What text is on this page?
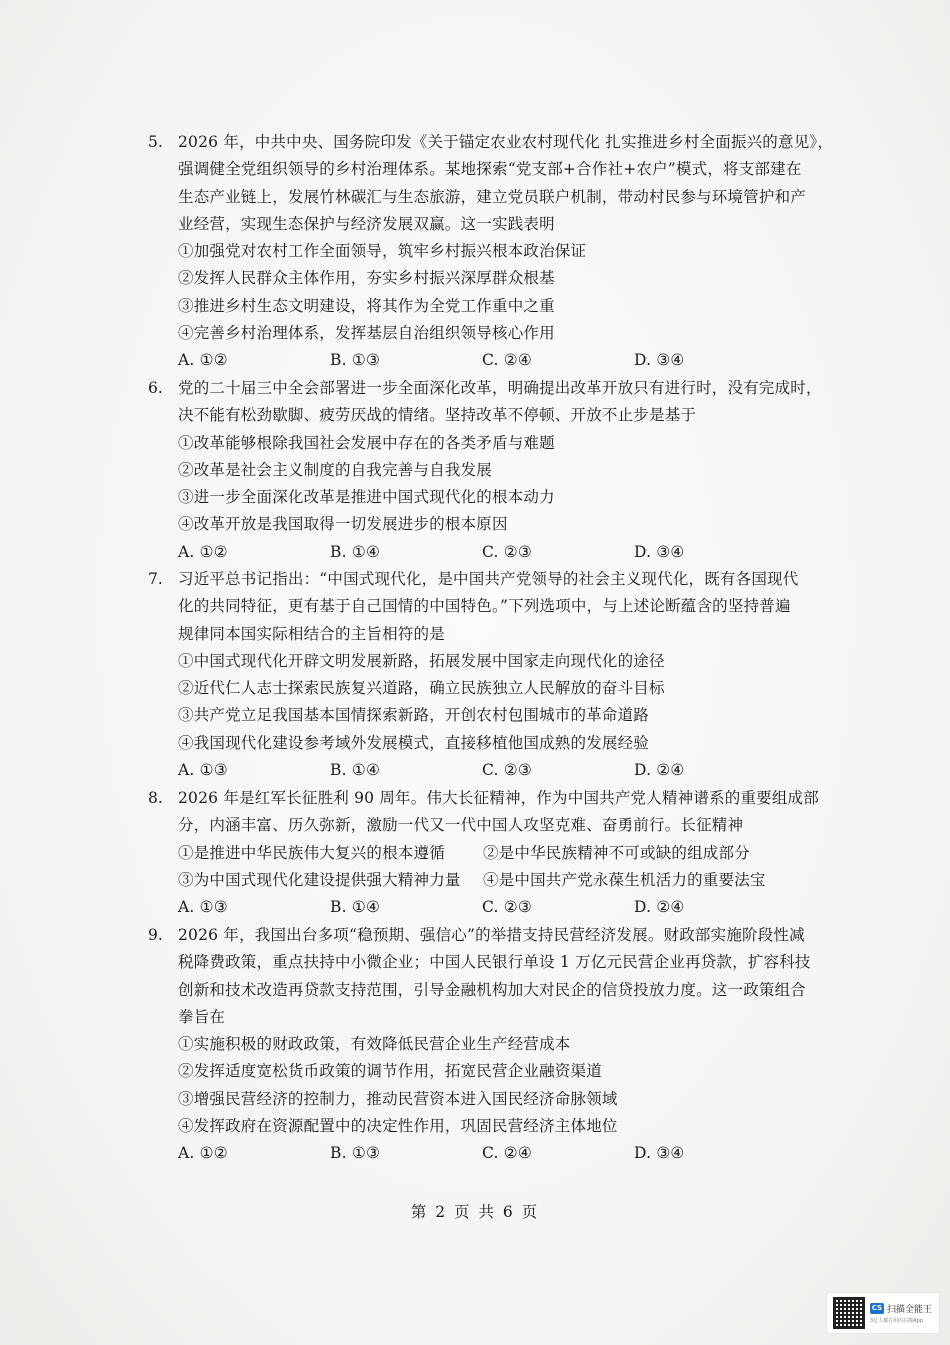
5. 2026 年，中共中央、国务院印发《关于锚定农业农村现代化 扎实推进乡村全面振兴的意见》，
强调健全党组织领导的乡村治理体系。某地探索“党支部+合作社+农户”模式，将支部建在
生态产业链上，发展竹林碳汇与生态旅游，建立党员联户机制，带动村民参与环境管护和产
业经营，实现生态保护与经济发展双赢。这一实践表明
①加强党对农村工作全面领导，筑牢乡村振兴根本政治保证
②发挥人民群众主体作用，夯实乡村振兴深厚群众根基
③推进乡村生态文明建设，将其作为全党工作重中之重
④完善乡村治理体系，发挥基层自治组织领导核心作用
A. ①②	B. ①③	C. ②④	D. ③④
6. 党的二十届三中全会部署进一步全面深化改革，明确提出改革开放只有进行时，没有完成时，
决不能有松劲歇脚、疲劳厌战的情绪。坚持改革不停顿、开放不止步是基于
①改革能够根除我国社会发展中存在的各类矛盾与难题
②改革是社会主义制度的自我完善与自我发展
③进一步全面深化改革是推进中国式现代化的根本动力
④改革开放是我国取得一切发展进步的根本原因
A. ①②	B. ①④	C. ②③	D. ③④
7. 习近平总书记指出：“中国式现代化，是中国共产党领导的社会主义现代化，既有各国现代
化的共同特征，更有基于自己国情的中国特色。”下列选项中，与上述论断蕴含的坚持普遍
规律同本国实际相结合的主旨相符的是
①中国式现代化开辟文明发展新路，拓展发展中国家走向现代化的途径
②近代仁人志士探索民族复兴道路，确立民族独立人民解放的奋斗目标
③共产党立足我国基本国情探索新路，开创农村包围城市的革命道路
④我国现代化建设参考域外发展模式，直接移植他国成熟的发展经验
A. ①③	B. ①④	C. ②③	D. ②④
8. 2026 年是红军长征胜利 90 周年。伟大长征精神，作为中国共产党人精神谱系的重要组成部
分，内涵丰富、历久弥新，激励一代又一代中国人攻坚克难、奋勇前行。长征精神
①是推进中华民族伟大复兴的根本遵循	②是中华民族精神不可或缺的组成部分
③为中国式现代化建设提供强大精神力量	④是中国共产党永葆生机活力的重要法宝
A. ①③	B. ①④	C. ②③	D. ②④
9. 2026 年，我国出台多项“稳预期、强信心”的举措支持民营经济发展。财政部实施阶段性减
税降费政策，重点扶持中小微企业；中国人民银行单设 1 万亿元民营企业再贷款，扩容科技
创新和技术改造再贷款支持范围，引导金融机构加大对民企的信贷投放力度。这一政策组合
拳旨在
①实施积极的财政政策，有效降低民营企业生产经营成本
②发挥适度宽松货币政策的调节作用，拓宽民营企业融资渠道
③增强民营经济的控制力，推动民营资本进入国民经济命脉领域
④发挥政府在资源配置中的决定性作用，巩固民营经济主体地位
A. ①②	B. ①③	C. ②④	D. ③④
第 2 页 共 6 页
CS 扫描全能王
3亿人都在用的扫描App
